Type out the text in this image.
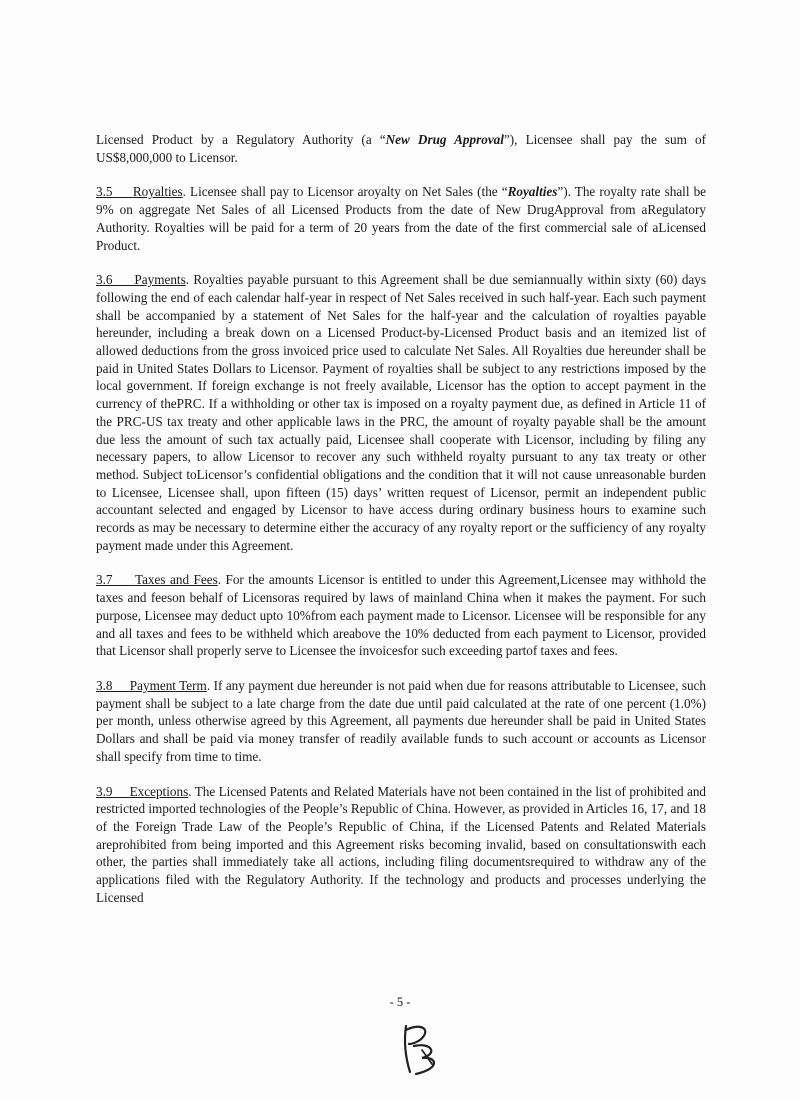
Licensed Product by a Regulatory Authority (a “New Drug Approval”), Licensee shall pay the sum of US$8,000,000 to Licensor.

3.5 Royalties. Licensee shall pay to Licensor aroyalty on Net Sales (the “Royalties”). The royalty rate shall be 9% on aggregate Net Sales of all Licensed Products from the date of New DrugApproval from aRegulatory Authority. Royalties will be paid for a term of 20 years from the date of the first commercial sale of aLicensed Product.

3.6 Payments. Royalties payable pursuant to this Agreement shall be due semiannually within sixty (60) days following the end of each calendar half-year in respect of Net Sales received in such half-year. Each such payment shall be accompanied by a statement of Net Sales for the half-year and the calculation of royalties payable hereunder, including a break down on a Licensed Product-by-Licensed Product basis and an itemized list of allowed deductions from the gross invoiced price used to calculate Net Sales. All Royalties due hereunder shall be paid in United States Dollars to Licensor. Payment of royalties shall be subject to any restrictions imposed by the local government. If foreign exchange is not freely available, Licensor has the option to accept payment in the currency of thePRC. If a withholding or other tax is imposed on a royalty payment due, as defined in Article 11 of the PRC-US tax treaty and other applicable laws in the PRC, the amount of royalty payable shall be the amount due less the amount of such tax actually paid, Licensee shall cooperate with Licensor, including by filing any necessary papers, to allow Licensor to recover any such withheld royalty pursuant to any tax treaty or other method. Subject toLicensor’s confidential obligations and the condition that it will not cause unreasonable burden to Licensee, Licensee shall, upon fifteen (15) days’ written request of Licensor, permit an independent public accountant selected and engaged by Licensor to have access during ordinary business hours to examine such records as may be necessary to determine either the accuracy of any royalty report or the sufficiency of any royalty payment made under this Agreement.

3.7 Taxes and Fees. For the amounts Licensor is entitled to under this Agreement,Licensee may withhold the taxes and feeson behalf of Licensoras required by laws of mainland China when it makes the payment. For such purpose, Licensee may deduct upto 10%from each payment made to Licensor. Licensee will be responsible for any and all taxes and fees to be withheld which areabove the 10% deducted from each payment to Licensor, provided that Licensor shall properly serve to Licensee the invoicesfor such exceeding partof taxes and fees.

3.8 Payment Term. If any payment due hereunder is not paid when due for reasons attributable to Licensee, such payment shall be subject to a late charge from the date due until paid calculated at the rate of one percent (1.0%) per month, unless otherwise agreed by this Agreement, all payments due hereunder shall be paid in United States Dollars and shall be paid via money transfer of readily available funds to such account or accounts as Licensor shall specify from time to time.

3.9 Exceptions. The Licensed Patents and Related Materials have not been contained in the list of prohibited and restricted imported technologies of the People’s Republic of China. However, as provided in Articles 16, 17, and 18 of the Foreign Trade Law of the People’s Republic of China, if the Licensed Patents and Related Materials areprohibited from being imported and this Agreement risks becoming invalid, based on consultationswith each other, the parties shall immediately take all actions, including filing documentsrequired to withdraw any of the applications filed with the Regulatory Authority. If the technology and products and processes underlying the Licensed

- 5 -
